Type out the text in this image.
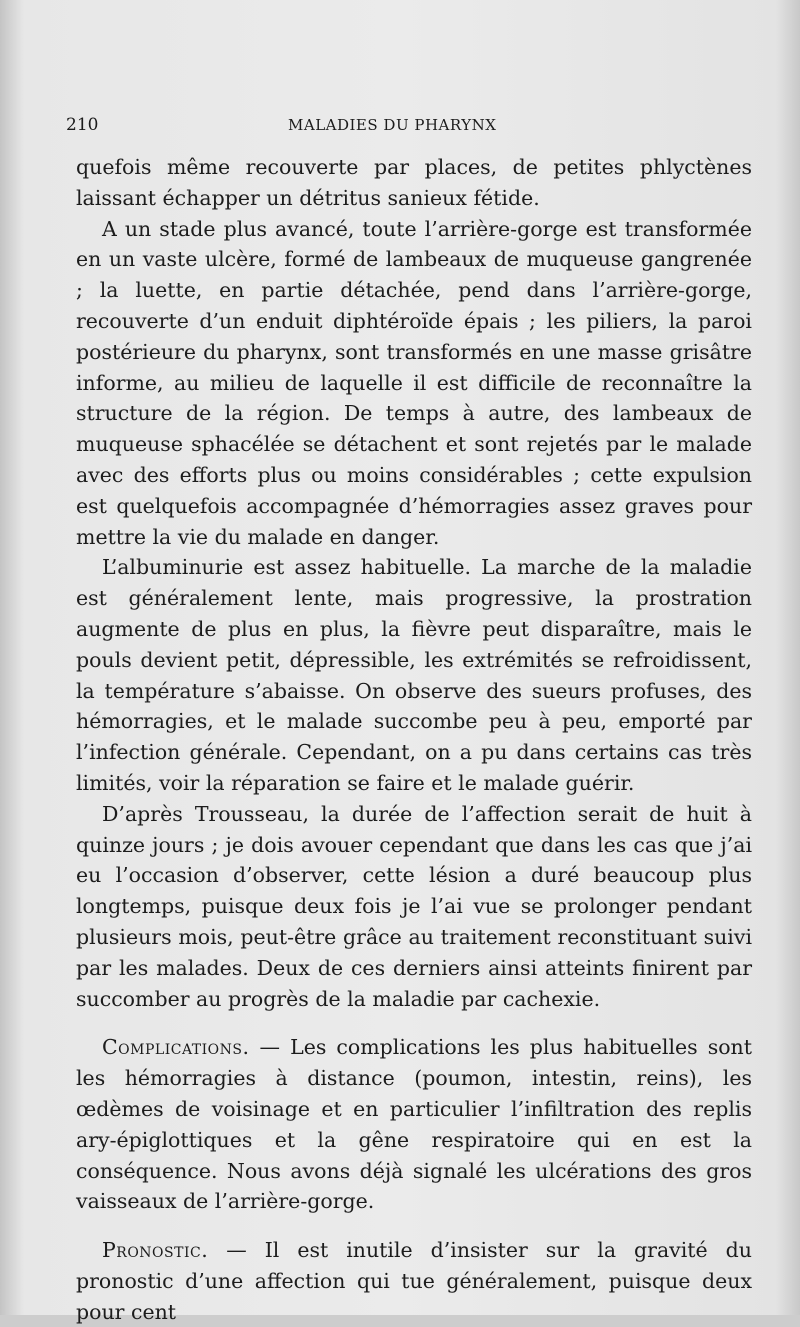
210	MALADIES DU PHARYNX

quefois même recouverte par places, de petites phlyctènes laissant échapper un détritus sanieux fétide.

A un stade plus avancé, toute l’arrière-gorge est transformée en un vaste ulcère, formé de lambeaux de muqueuse gangrenée ; la luette, en partie détachée, pend dans l’arrière-gorge, recouverte d’un enduit diphtéroïde épais ; les piliers, la paroi postérieure du pharynx, sont transformés en une masse grisâtre informe, au milieu de laquelle il est difficile de reconnaître la structure de la région. De temps à autre, des lambeaux de muqueuse sphacélée se détachent et sont rejetés par le malade avec des efforts plus ou moins considérables ; cette expulsion est quelquefois accompagnée d’hémorragies assez graves pour mettre la vie du malade en danger.

L’albuminurie est assez habituelle. La marche de la maladie est généralement lente, mais progressive, la prostration augmente de plus en plus, la fièvre peut disparaître, mais le pouls devient petit, dépressible, les extrémités se refroidissent, la température s’abaisse. On observe des sueurs profuses, des hémorragies, et le malade succombe peu à peu, emporté par l’infection générale. Cependant, on a pu dans certains cas très limités, voir la réparation se faire et le malade guérir.

D’après Trousseau, la durée de l’affection serait de huit à quinze jours ; je dois avouer cependant que dans les cas que j’ai eu l’occasion d’observer, cette lésion a duré beaucoup plus longtemps, puisque deux fois je l’ai vue se prolonger pendant plusieurs mois, peut-être grâce au traitement reconstituant suivi par les malades. Deux de ces derniers ainsi atteints finirent par succomber au progrès de la maladie par cachexie.

Complications. — Les complications les plus habituelles sont les hémorragies à distance (poumon, intestin, reins), les œdèmes de voisinage et en particulier l’infiltration des replis ary-épiglottiques et la gêne respiratoire qui en est la conséquence. Nous avons déjà signalé les ulcérations des gros vaisseaux de l’arrière-gorge.

Pronostic. — Il est inutile d’insister sur la gravité du pronostic d’une affection qui tue généralement, puisque deux pour cent
